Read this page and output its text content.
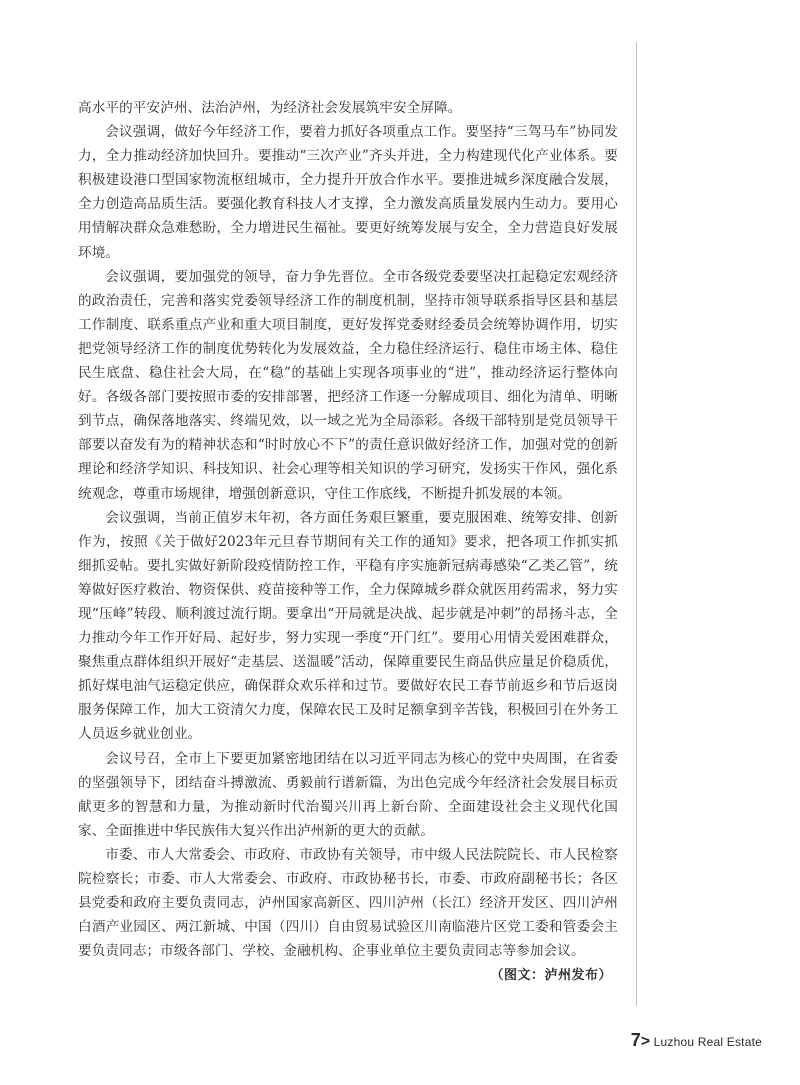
高水平的平安泸州、法治泸州，为经济社会发展筑牢安全屏障。

会议强调，做好今年经济工作，要着力抓好各项重点工作。要坚持“三驾马车”协同发力，全力推动经济加快回升。要推动“三次产业”齐头并进，全力构建现代化产业体系。要积极建设港口型国家物流枢纽城市，全力提升开放合作水平。要推进城乡深度融合发展，全力创造高品质生活。要强化教育科技人才支撑，全力激发高质量发展内生动力。要用心用情解决群众急难愁盼，全力增进民生福祉。要更好统筹发展与安全，全力营造良好发展环境。

会议强调，要加强党的领导，奋力争先晋位。全市各级党委要坚决扛起稳定宏观经济的政治责任，完善和落实党委领导经济工作的制度机制，坚持市领导联系指导区县和基层工作制度、联系重点产业和重大项目制度，更好发挥党委财经委员会统筹协调作用，切实把党领导经济工作的制度优势转化为发展效益，全力稳住经济运行、稳住市场主体、稳住民生底盘、稳住社会大局，在“稳”的基础上实现各项事业的“进”，推动经济运行整体向好。各级各部门要按照市委的安排部署，把经济工作逐一分解成项目、细化为清单、明晰到节点，确保落地落实、终端见效，以一域之光为全局添彩。各级干部特别是党员领导干部要以奋发有为的精神状态和“时时放心不下”的责任意识做好经济工作，加强对党的创新理论和经济学知识、科技知识、社会心理等相关知识的学习研究，发扬实干作风，强化系统观念，尊重市场规律，增强创新意识，守住工作底线，不断提升抓发展的本领。

会议强调，当前正值岁末年初，各方面任务艰巨繁重，要克服困难、统筹安排、创新作为，按照《关于做好2023年元旦春节期间有关工作的通知》要求，把各项工作抓实抓细抓妥帖。要扎实做好新阶段疫情防控工作，平稳有序实施新冠病毒感染“乙类乙管”，统筹做好医疗救治、物资保供、疫苗接种等工作，全力保障城乡群众就医用药需求，努力实现“压峰”转段、顺利渡过流行期。要拿出“开局就是决战、起步就是冲刺”的昂扬斗志，全力推动今年工作开好局、起好步，努力实现一季度“开门红”。要用心用情关爱困难群众，聚焦重点群体组织开展好“走基层、送温暖”活动，保障重要民生商品供应量足价稳质优，抓好煤电油气运稳定供应，确保群众欢乐祥和过节。要做好农民工春节前返乡和节后返岗服务保障工作，加大工资清欠力度，保障农民工及时足额拿到辛苦钱，积极回引在外务工人员返乡就业创业。

会议号召，全市上下要更加紧密地团结在以习近平同志为核心的党中央周围，在省委的坚强领导下，团结奋斗搏激流、勇毅前行谱新篇，为出色完成今年经济社会发展目标贡献更多的智慧和力量，为推动新时代治蜀兴川再上新台阶、全面建设社会主义现代化国家、全面推进中华民族伟大复兴作出泸州新的更大的贡献。

市委、市人大常委会、市政府、市政协有关领导，市中级人民法院院长、市人民检察院检察长；市委、市人大常委会、市政府、市政协秘书长，市委、市政府副秘书长；各区县党委和政府主要负责同志，泸州国家高新区、四川泸州（长江）经济开发区、四川泸州白酒产业园区、两江新城、中国（四川）自由贸易试验区川南临港片区党工委和管委会主要负责同志；市级各部门、学校、金融机构、企事业单位主要负责同志等参加会议。

（图文：泸州发布）
7> Luzhou Real Estate
